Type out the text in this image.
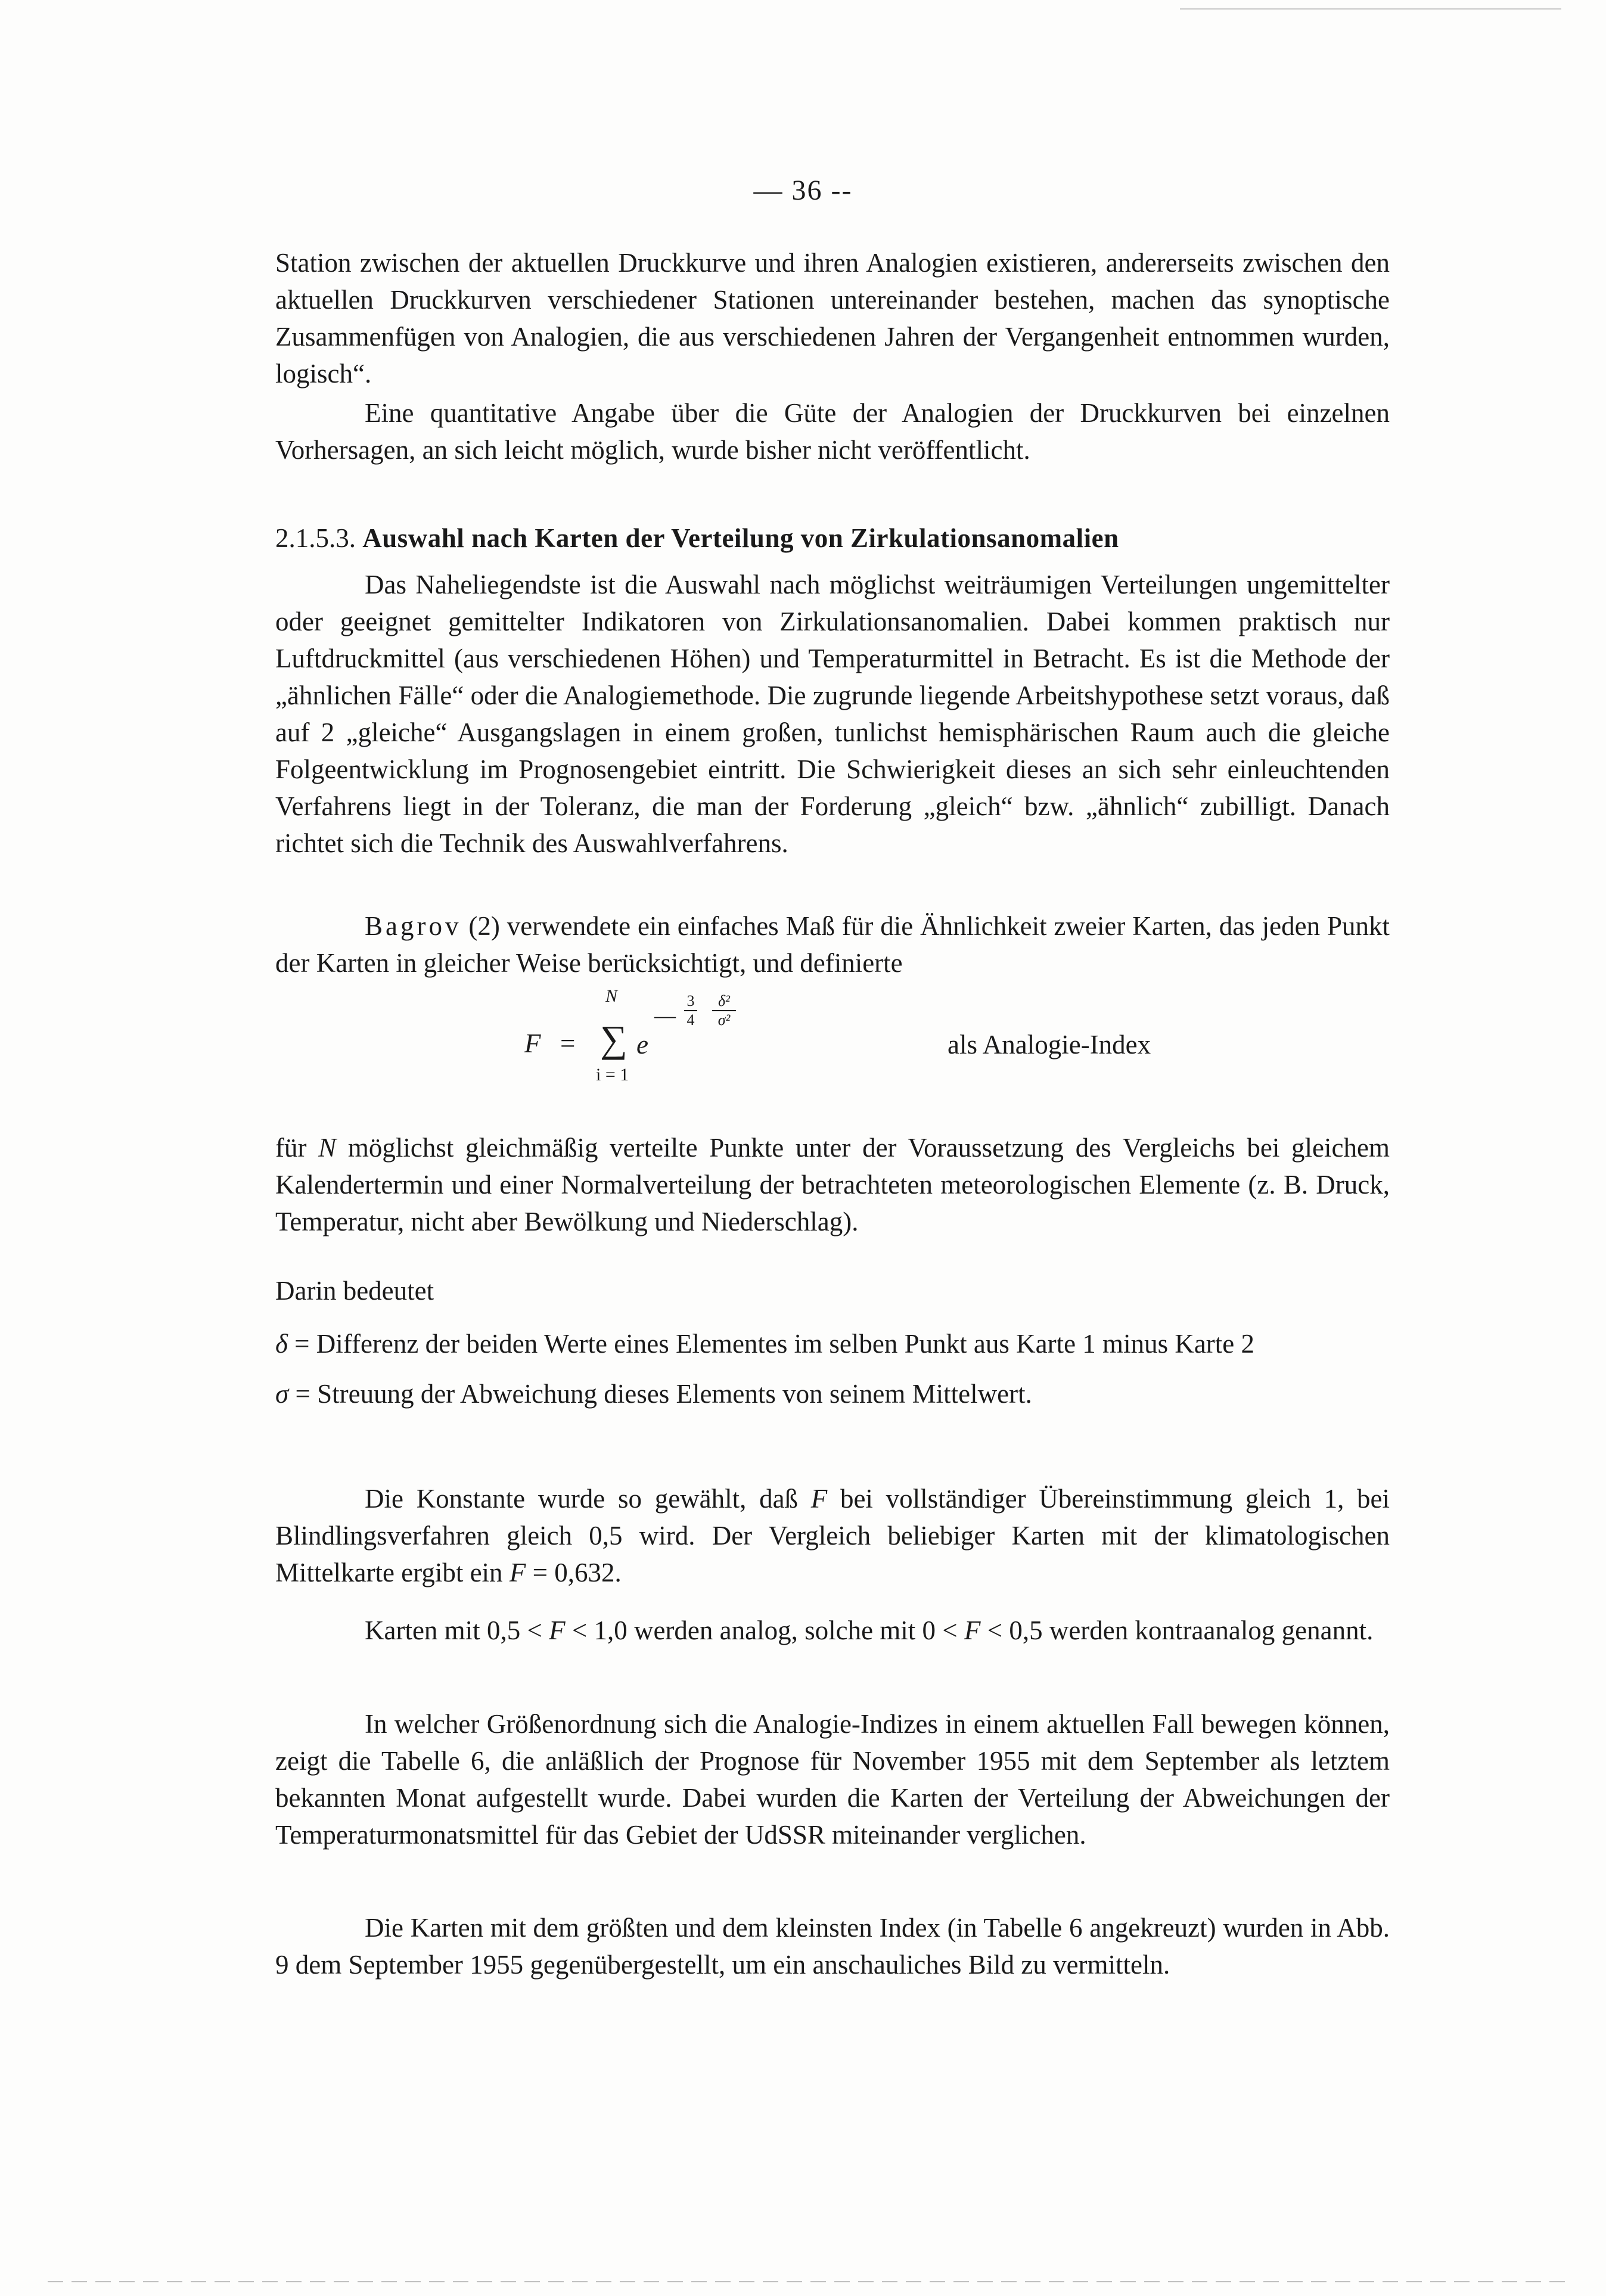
— 36 --

Station zwischen der aktuellen Druckkurve und ihren Analogien existieren, andererseits zwischen den aktuellen Druckkurven verschiedener Stationen untereinander bestehen, machen das synoptische Zusammenfügen von Analogien, die aus verschiedenen Jahren der Vergangenheit entnommen wurden, logisch“.

Eine quantitative Angabe über die Güte der Analogien der Druckkurven bei einzelnen Vorhersagen, an sich leicht möglich, wurde bisher nicht veröffentlicht.

2.1.5.3. Auswahl nach Karten der Verteilung von Zirkulationsanomalien

Das Naheliegendste ist die Auswahl nach möglichst weiträumigen Verteilungen ungemittelter oder geeignet gemittelter Indikatoren von Zirkulationsanomalien. Dabei kommen praktisch nur Luftdruckmittel (aus verschiedenen Höhen) und Temperaturmittel in Betracht. Es ist die Methode der „ähnlichen Fälle“ oder die Analogiemethode. Die zugrunde liegende Arbeitshypothese setzt voraus, daß auf 2 „gleiche“ Ausgangslagen in einem großen, tunlichst hemisphärischen Raum auch die gleiche Folgeentwicklung im Prognosengebiet eintritt. Die Schwierigkeit dieses an sich sehr einleuchtenden Verfahrens liegt in der Toleranz, die man der Forderung „gleich“ bzw. „ähnlich“ zubilligt. Danach richtet sich die Technik des Auswahlverfahrens.

Bagrov (2) verwendete ein einfaches Maß für die Ähnlichkeit zweier Karten, das jeden Punkt der Karten in gleicher Weise berücksichtigt, und definierte

F =
N
∑
i = 1
e
— $\frac{3}{4} \frac{\text{δ²}}{\text{σ²}}$
als Analogie-Index

für N möglichst gleichmäßig verteilte Punkte unter der Voraussetzung des Vergleichs bei gleichem Kalendertermin und einer Normalverteilung der betrachteten meteorologischen Elemente (z. B. Druck, Temperatur, nicht aber Bewölkung und Niederschlag).

Darin bedeutet

δ = Differenz der beiden Werte eines Elementes im selben Punkt aus Karte 1 minus Karte 2

σ = Streuung der Abweichung dieses Elements von seinem Mittelwert.

Die Konstante wurde so gewählt, daß F bei vollständiger Übereinstimmung gleich 1, bei Blindlingsverfahren gleich 0,5 wird. Der Vergleich beliebiger Karten mit der klimatologischen Mittelkarte ergibt ein F = 0,632.

Karten mit 0,5 < F < 1,0 werden analog, solche mit 0 < F < 0,5 werden kontraanalog genannt.

In welcher Größenordnung sich die Analogie-Indizes in einem aktuellen Fall bewegen können, zeigt die Tabelle 6, die anläßlich der Prognose für November 1955 mit dem September als letztem bekannten Monat aufgestellt wurde. Dabei wurden die Karten der Verteilung der Abweichungen der Temperaturmonatsmittel für das Gebiet der UdSSR miteinander verglichen.

Die Karten mit dem größten und dem kleinsten Index (in Tabelle 6 angekreuzt) wurden in Abb. 9 dem September 1955 gegenübergestellt, um ein anschauliches Bild zu vermitteln.
